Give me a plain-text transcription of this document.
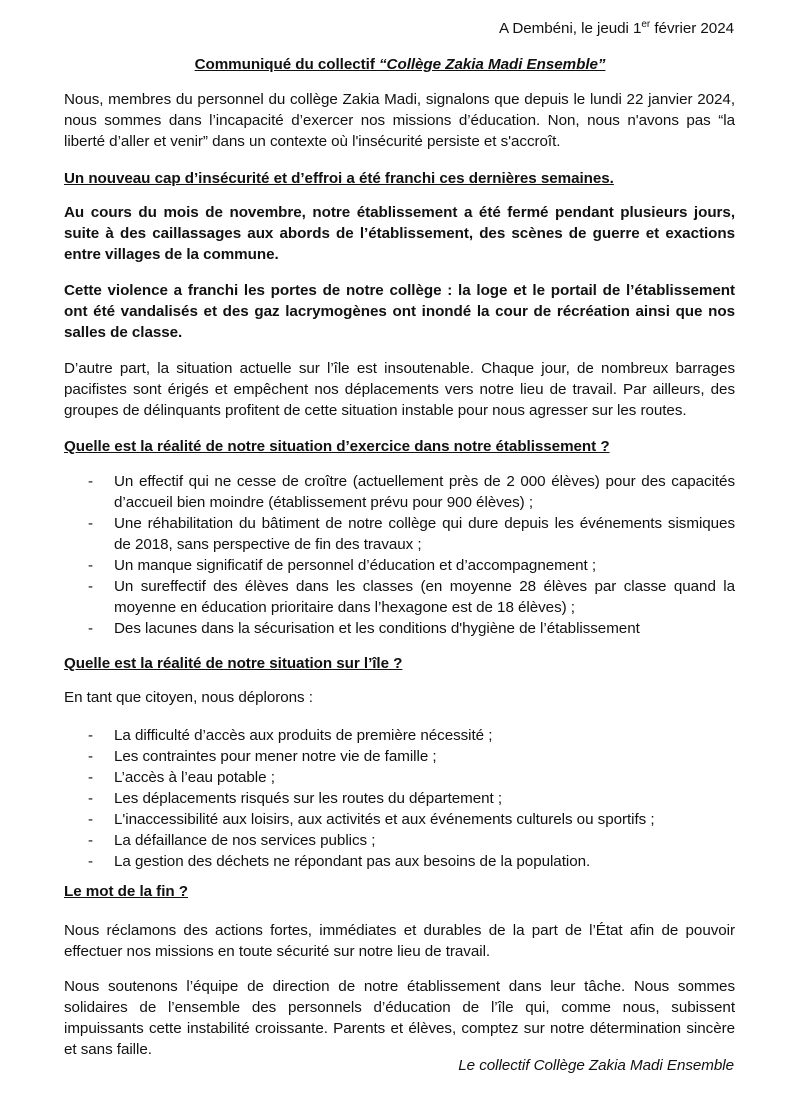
A Dembéni, le jeudi 1er février 2024
Communiqué du collectif “Collège Zakia Madi Ensemble”
Nous, membres du personnel du collège Zakia Madi, signalons que depuis le lundi 22 janvier 2024, nous sommes dans l’incapacité d’exercer nos missions d’éducation. Non, nous n'avons pas “la liberté d’aller et venir” dans un contexte où l'insécurité persiste et s'accroît.
Un nouveau cap d’insécurité et d’effroi a été franchi ces dernières semaines.
Au cours du mois de novembre, notre établissement a été fermé pendant plusieurs jours, suite à des caillassages aux abords de l’établissement, des scènes de guerre et exactions entre villages de la commune.
Cette violence a franchi les portes de notre collège : la loge et le portail de l’établissement ont été vandalisés et des gaz lacrymogènes ont inondé la cour de récréation ainsi que nos salles de classe.
D’autre part, la situation actuelle sur l’île est insoutenable. Chaque jour, de nombreux barrages pacifistes sont érigés et empêchent nos déplacements vers notre lieu de travail. Par ailleurs, des groupes de délinquants profitent de cette situation instable pour nous agresser sur les routes.
Quelle est la réalité de notre situation d’exercice dans notre établissement ?
- Un effectif qui ne cesse de croître (actuellement près de 2 000 élèves) pour des capacités d’accueil bien moindre (établissement prévu pour 900 élèves) ;
- Une réhabilitation du bâtiment de notre collège qui dure depuis les événements sismiques de 2018, sans perspective de fin des travaux ;
- Un manque significatif de personnel d’éducation et d’accompagnement ;
- Un sureffectif des élèves dans les classes (en moyenne 28 élèves par classe quand la moyenne en éducation prioritaire dans l’hexagone est de 18 élèves) ;
- Des lacunes dans la sécurisation et les conditions d'hygiène de l’établissement
Quelle est la réalité de notre situation sur l’île ?
En tant que citoyen, nous déplorons :
- La difficulté d’accès aux produits de première nécessité ;
- Les contraintes pour mener notre vie de famille ;
- L’accès à l’eau potable ;
- Les déplacements risqués sur les routes du département ;
- L'inaccessibilité aux loisirs, aux activités et aux événements culturels ou sportifs ;
- La défaillance de nos services publics ;
- La gestion des déchets ne répondant pas aux besoins de la population.
Le mot de la fin ?
Nous réclamons des actions fortes, immédiates et durables de la part de l’État afin de pouvoir effectuer nos missions en toute sécurité sur notre lieu de travail.
Nous soutenons l’équipe de direction de notre établissement dans leur tâche. Nous sommes solidaires de l’ensemble des personnels d’éducation de l’île qui, comme nous, subissent impuissants cette instabilité croissante. Parents et élèves, comptez sur notre détermination sincère et sans faille.
Le collectif Collège Zakia Madi Ensemble
